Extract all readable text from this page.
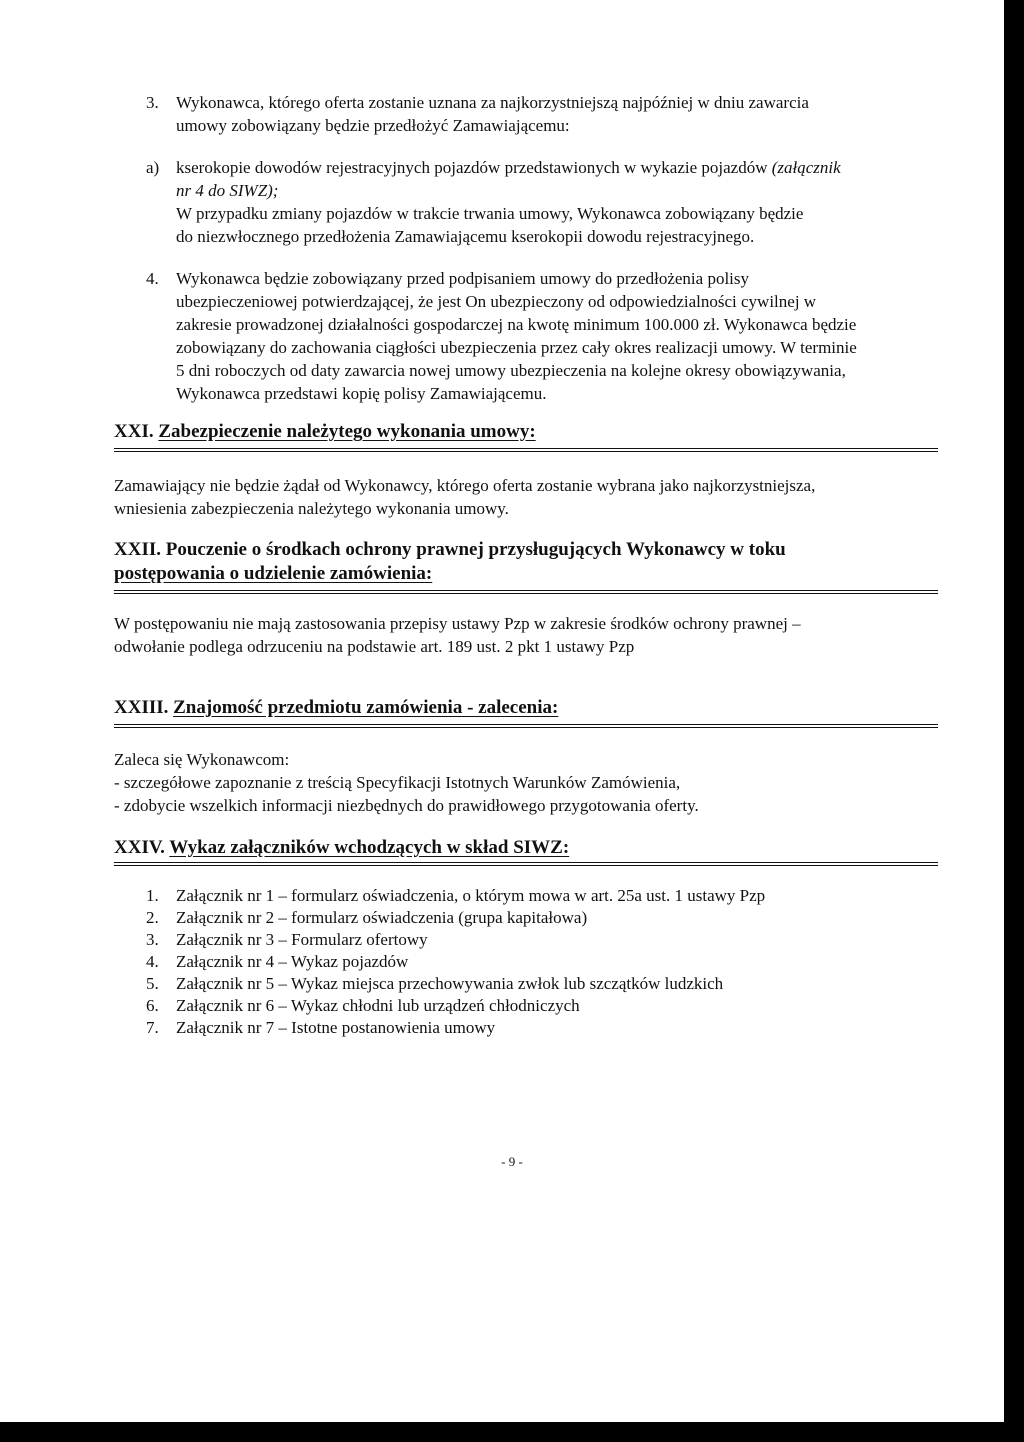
3. Wykonawca, którego oferta zostanie uznana za najkorzystniejszą najpóźniej w dniu zawarcia
umowy zobowiązany będzie przedłożyć Zamawiającemu:
a) kserokopie dowodów rejestracyjnych pojazdów przedstawionych w wykazie pojazdów (załącznik
nr 4 do SIWZ);
W przypadku zmiany pojazdów w trakcie trwania umowy, Wykonawca zobowiązany będzie
do niezwłocznego przedłożenia Zamawiającemu kserokopii dowodu rejestracyjnego.
4. Wykonawca będzie zobowiązany przed podpisaniem umowy do przedłożenia polisy
ubezpieczeniowej potwierdzającej, że jest On ubezpieczony od odpowiedzialności cywilnej w
zakresie prowadzonej działalności gospodarczej na kwotę minimum 100.000 zł. Wykonawca będzie
zobowiązany do zachowania ciągłości ubezpieczenia przez cały okres realizacji umowy. W terminie
5 dni roboczych od daty zawarcia nowej umowy ubezpieczenia na kolejne okresy obowiązywania,
Wykonawca przedstawi kopię polisy Zamawiającemu.
XXI. Zabezpieczenie należytego wykonania umowy:
Zamawiający nie będzie żądał od Wykonawcy, którego oferta zostanie wybrana jako najkorzystniejsza,
wniesienia zabezpieczenia należytego wykonania umowy.
XXII. Pouczenie o środkach ochrony prawnej przysługujących Wykonawcy w toku
postępowania o udzielenie zamówienia:
W postępowaniu nie mają zastosowania przepisy ustawy Pzp w zakresie środków ochrony prawnej –
odwołanie podlega odrzuceniu na podstawie art. 189 ust. 2 pkt 1 ustawy Pzp
XXIII. Znajomość przedmiotu zamówienia - zalecenia:
Zaleca się Wykonawcom:
- szczegółowe zapoznanie z treścią Specyfikacji Istotnych Warunków Zamówienia,
- zdobycie wszelkich informacji niezbędnych do prawidłowego przygotowania oferty.
XXIV. Wykaz załączników wchodzących w skład SIWZ:
1. Załącznik nr 1 – formularz oświadczenia, o którym mowa w art. 25a ust. 1 ustawy Pzp
2. Załącznik nr 2 – formularz oświadczenia (grupa kapitałowa)
3. Załącznik nr 3 – Formularz ofertowy
4. Załącznik nr 4 – Wykaz pojazdów
5. Załącznik nr 5 – Wykaz miejsca przechowywania zwłok lub szczątków ludzkich
6. Załącznik nr 6 – Wykaz chłodni lub urządzeń chłodniczych
7. Załącznik nr 7 – Istotne postanowienia umowy
- 9 -
